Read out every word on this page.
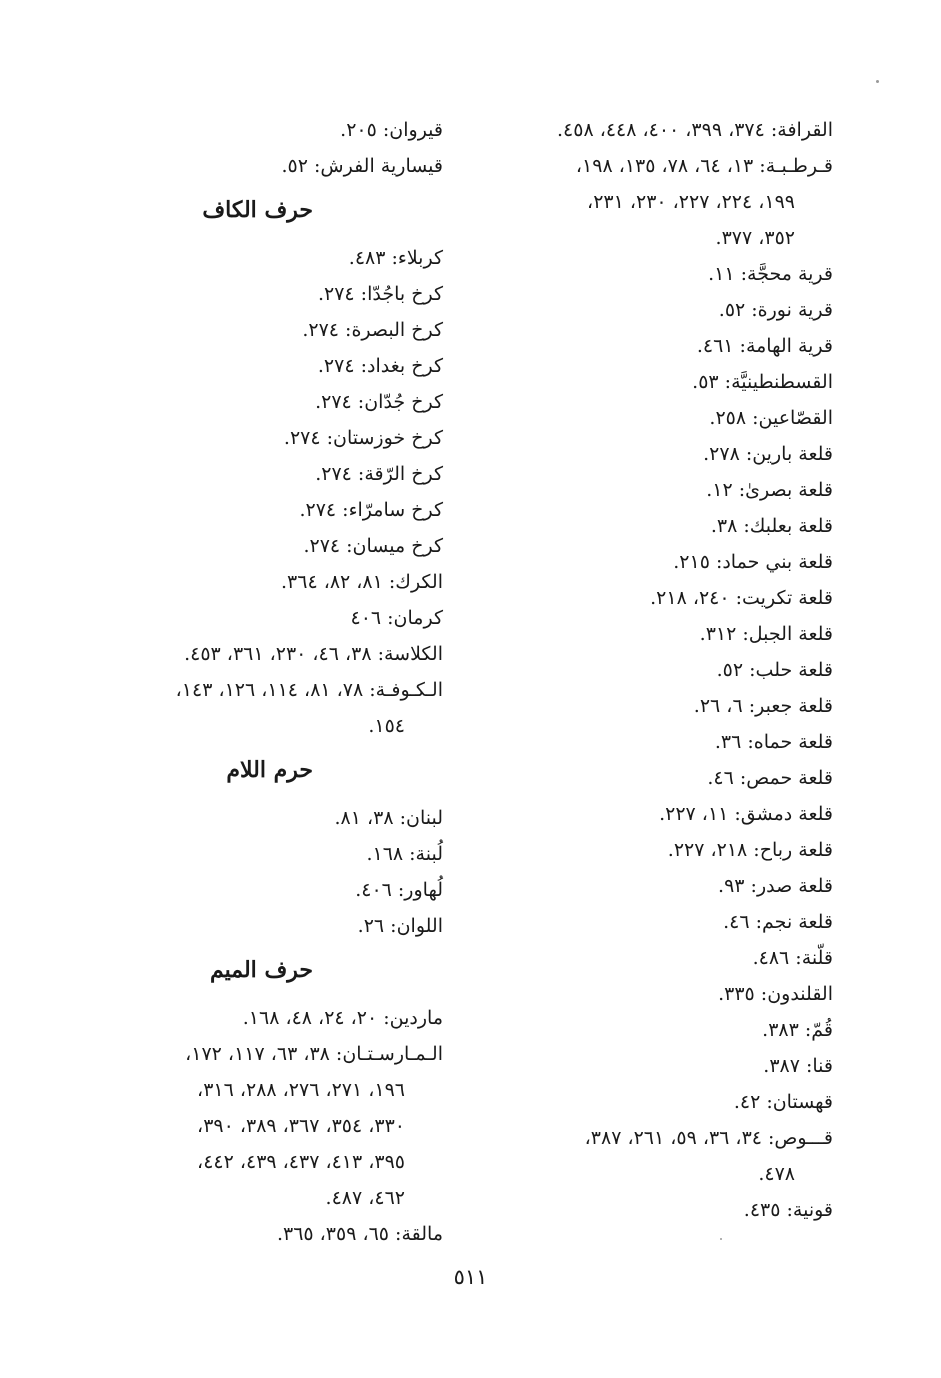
القرافة: ٣٧٤، ٣٩٩، ٤٠٠، ٤٤٨، ٤٥٨.
قـرطـبـة: ١٣، ٦٤، ٧٨، ١٣٥، ١٩٨،
١٩٩، ٢٢٤، ٢٢٧، ٢٣٠، ٢٣١،
٣٥٢، ٣٧٧.
قرية محجَّة: ١١.
قرية نورة: ٥٢.
قرية الهامة: ٤٦١.
القسطنطينيَّة: ٥٣.
القصّاعين: ٢٥٨.
قلعة بارين: ٢٧٨.
قلعة بصرىٰ: ١٢.
قلعة بعلبك: ٣٨.
قلعة بني حماد: ٢١٥.
قلعة تكريت: ٢٤٠، ٢١٨.
قلعة الجبل: ٣١٢.
قلعة حلب: ٥٢.
قلعة جعبر: ٦، ٢٦.
قلعة حماه: ٣٦.
قلعة حمص: ٤٦.
قلعة دمشق: ١١، ٢٢٧.
قلعة رباح: ٢١٨، ٢٢٧.
قلعة صدر: ٩٣.
قلعة نجم: ٤٦.
قلّنة: ٤٨٦.
القلندون: ٣٣٥.
قُمّ: ٣٨٣.
قنا: ٣٨٧.
قهستان: ٤٢.
قـــوص: ٣٤، ٣٦، ٥٩، ٢٦١، ٣٨٧،
٤٧٨.
قونية: ٤٣٥.
قيروان: ٢٠٥.
قيسارية الفرش: ٥٢.
حرف الكاف
كربلاء: ٤٨٣.
كرخ باجُدّا: ٢٧٤.
كرخ البصرة: ٢٧٤.
كرخ بغداد: ٢٧٤.
كرخ جُدّان: ٢٧٤.
كرخ خوزستان: ٢٧٤.
كرخ الرّقة: ٢٧٤.
كرخ سامرّاء: ٢٧٤.
كرخ ميسان: ٢٧٤.
الكرك: ٨١، ٨٢، ٣٦٤.
كرمان: ٤٠٦
الكلاسة: ٣٨، ٤٦، ٢٣٠، ٣٦١، ٤٥٣.
الـكـوفـة: ٧٨، ٨١، ١١٤، ١٢٦، ١٤٣،
١٥٤.
حرم اللام
لبنان: ٣٨، ٨١.
لُبنة: ١٦٨.
لُهاور: ٤٠٦.
اللوان: ٢٦.
حرف الميم
ماردين: ٢٠، ٢٤، ٤٨، ١٦٨.
الـمـارسـتـان: ٣٨، ٦٣، ١١٧، ١٧٢،
١٩٦، ٢٧١، ٢٧٦، ٢٨٨، ٣١٦،
٣٣٠، ٣٥٤، ٣٦٧، ٣٨٩، ٣٩٠،
٣٩٥، ٤١٣، ٤٣٧، ٤٣٩، ٤٤٢،
٤٦٢، ٤٨٧.
مالقة: ٦٥، ٣٥٩، ٣٦٥.
٥١١
